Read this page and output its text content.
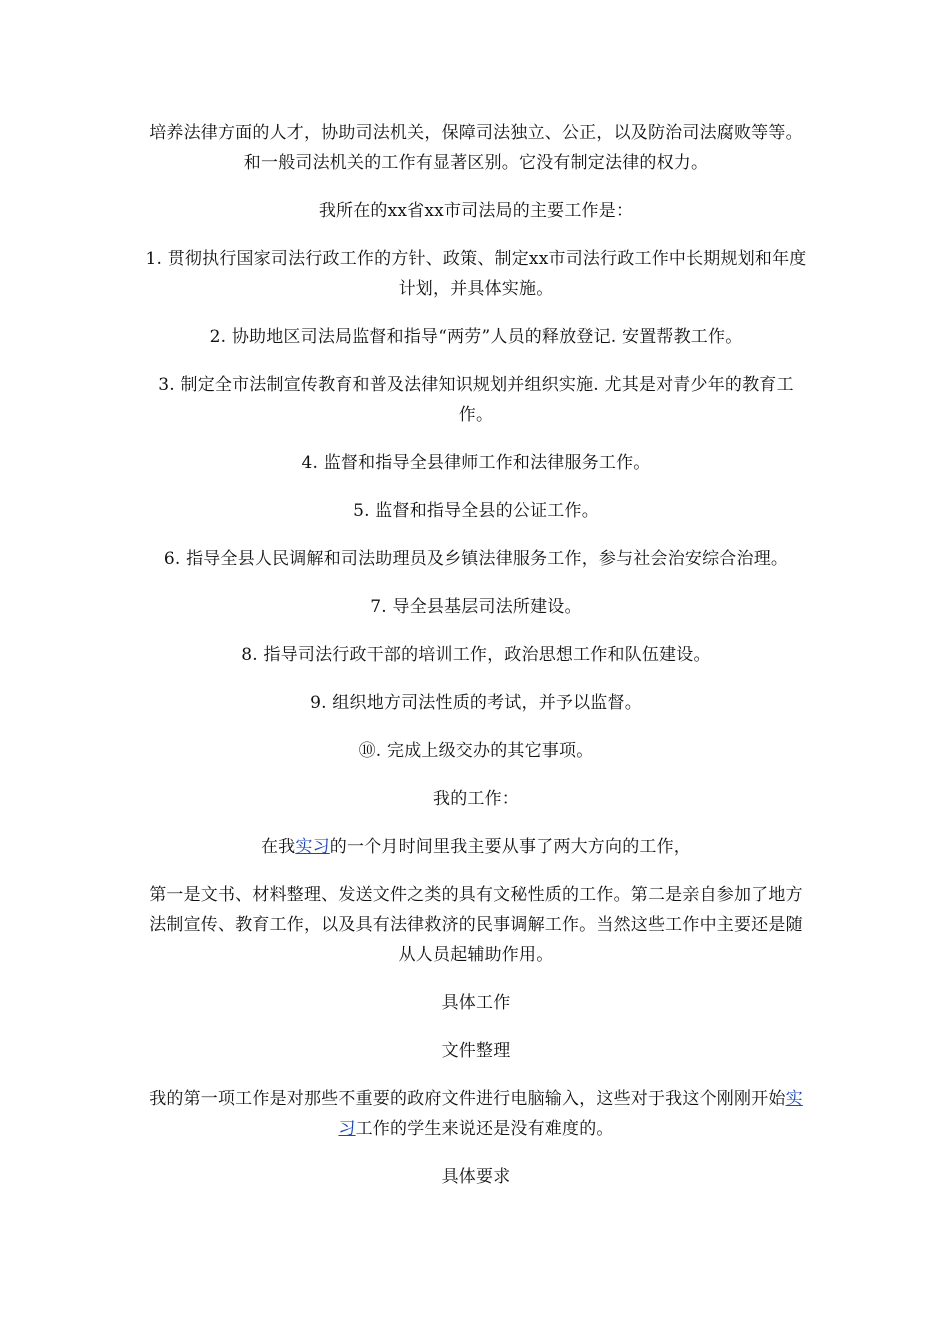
培养法律方面的人才，协助司法机关，保障司法独立、公正，以及防治司法腐败等等。和一般司法机关的工作有显著区别。它没有制定法律的权力。

我所在的xx省xx市司法局的主要工作是：

1. 贯彻执行国家司法行政工作的方针、政策、制定xx市司法行政工作中长期规划和年度计划，并具体实施。

2. 协助地区司法局监督和指导“两劳”人员的释放登记. 安置帮教工作。

3. 制定全市法制宣传教育和普及法律知识规划并组织实施. 尤其是对青少年的教育工作。

4. 监督和指导全县律师工作和法律服务工作。

5. 监督和指导全县的公证工作。

6. 指导全县人民调解和司法助理员及乡镇法律服务工作，参与社会治安综合治理。

7. 导全县基层司法所建设。

8. 指导司法行政干部的培训工作，政治思想工作和队伍建设。

9. 组织地方司法性质的考试，并予以监督。

⑩. 完成上级交办的其它事项。

我的工作：

在我实习的一个月时间里我主要从事了两大方向的工作，

第一是文书、材料整理、发送文件之类的具有文秘性质的工作。第二是亲自参加了地方法制宣传、教育工作，以及具有法律救济的民事调解工作。当然这些工作中主要还是随从人员起辅助作用。

具体工作

文件整理

我的第一项工作是对那些不重要的政府文件进行电脑输入，这些对于我这个刚刚开始实习工作的学生来说还是没有难度的。

具体要求
